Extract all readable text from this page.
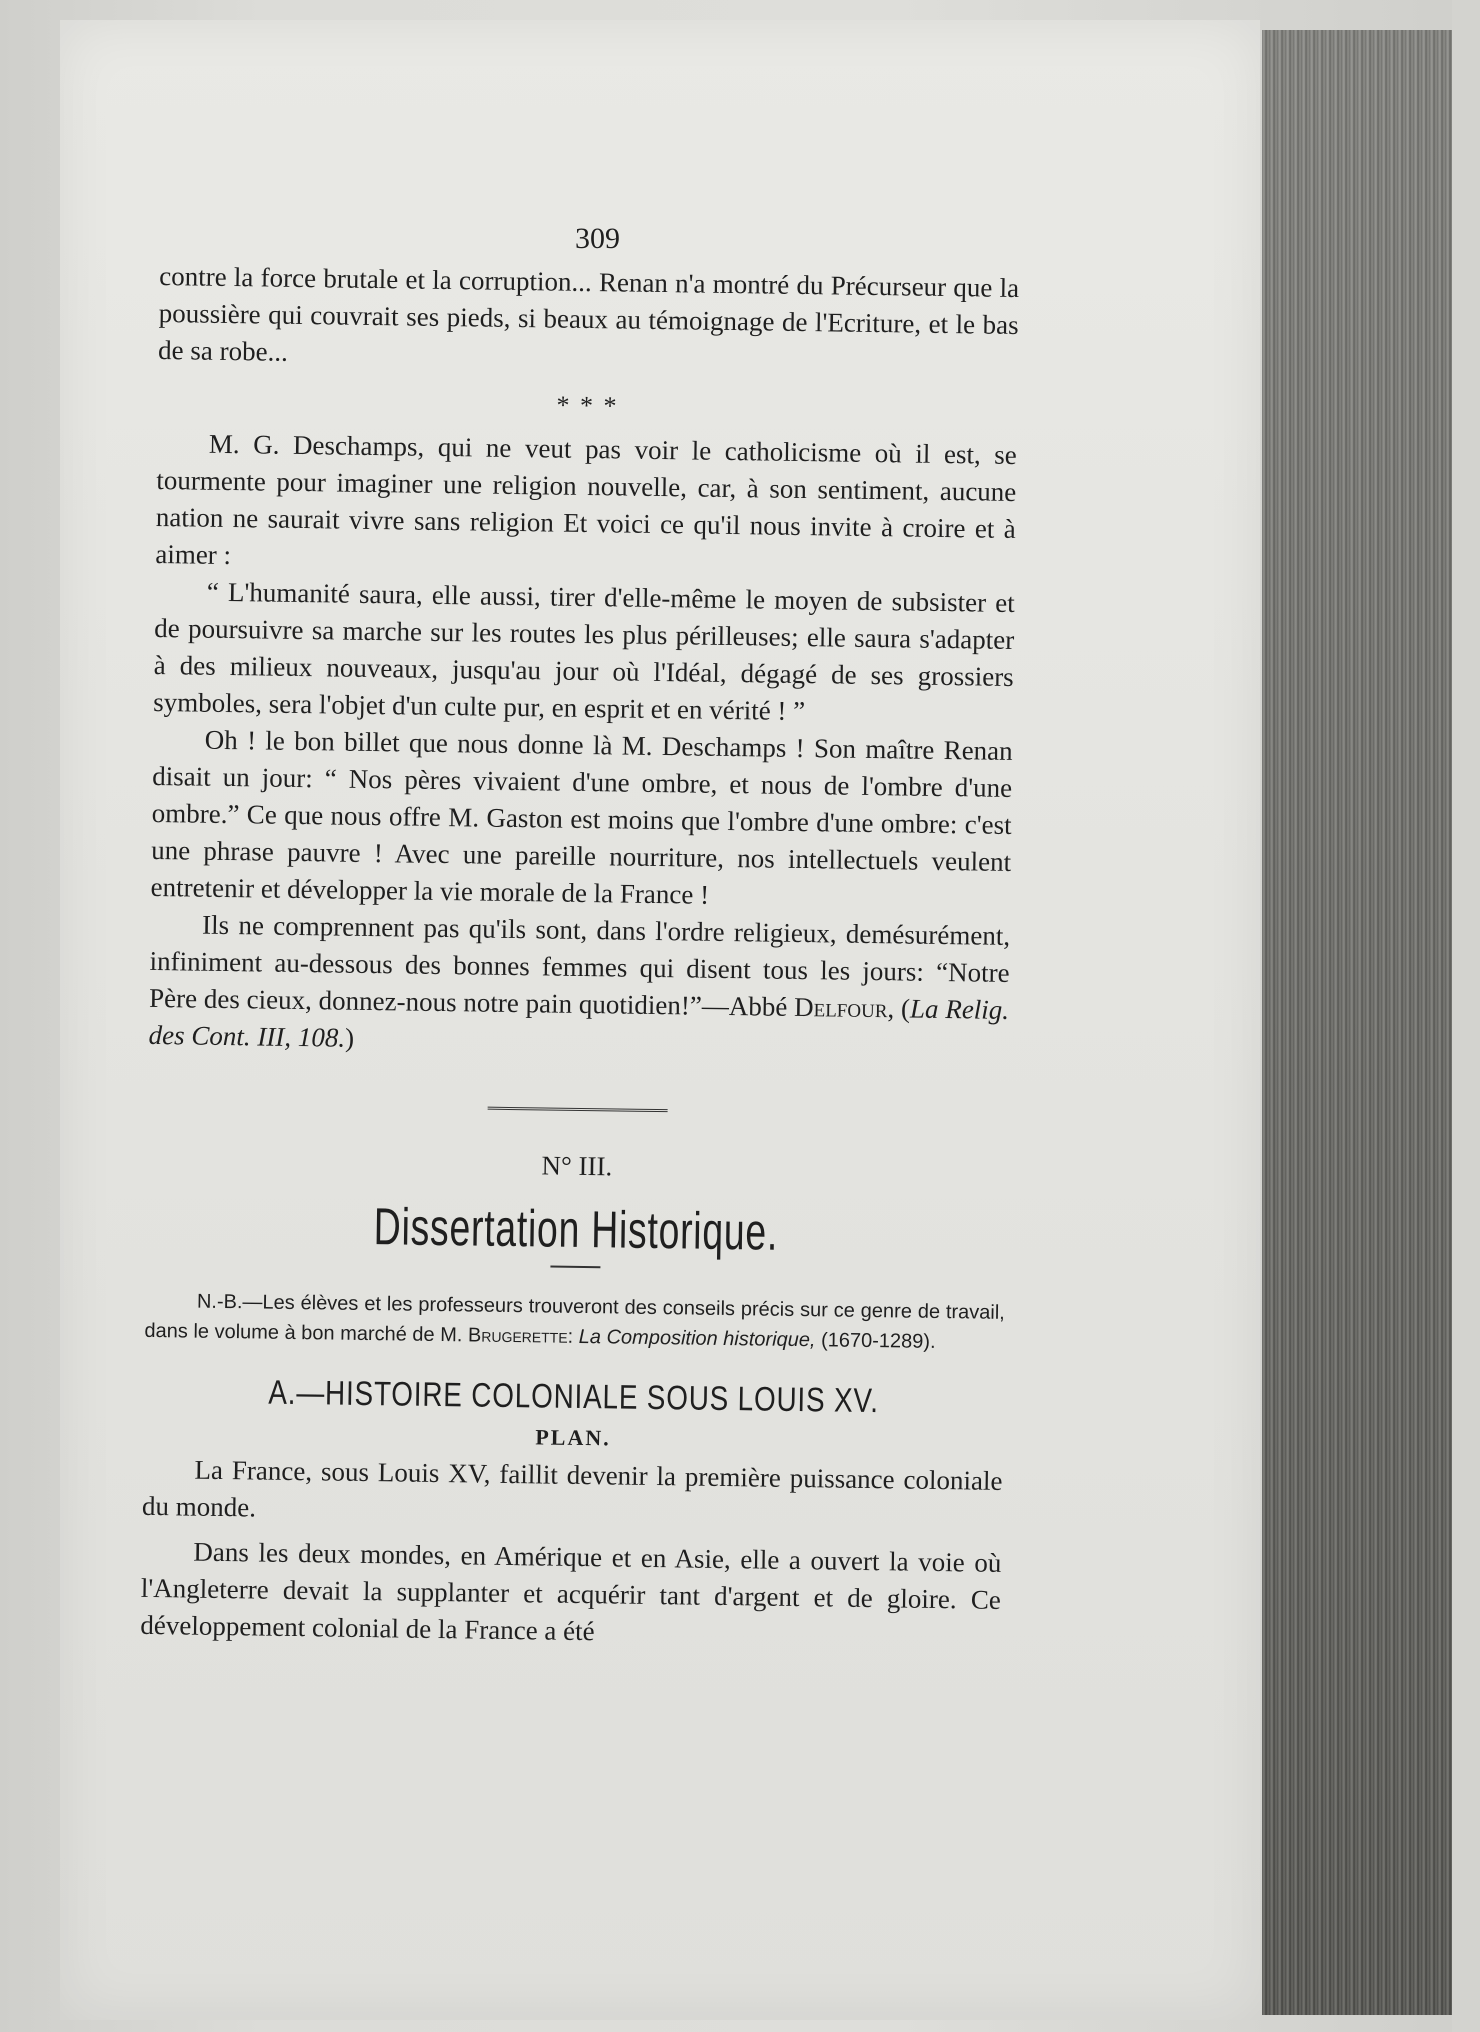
309

contre la force brutale et la corruption... Renan n'a montré du Précurseur que la poussière qui couvrait ses pieds, si beaux au témoignage de l'Ecriture, et le bas de sa robe...

* * *

M. G. Deschamps, qui ne veut pas voir le catholicisme où il est, se tourmente pour imaginer une religion nouvelle, car, à son sentiment, aucune nation ne saurait vivre sans religion Et voici ce qu'il nous invite à croire et à aimer :

“ L'humanité saura, elle aussi, tirer d'elle-même le moyen de subsister et de poursuivre sa marche sur les routes les plus périlleuses; elle saura s'adapter à des milieux nouveaux, jusqu'au jour où l'Idéal, dégagé de ses grossiers symboles, sera l'objet d'un culte pur, en esprit et en vérité ! ”

Oh ! le bon billet que nous donne là M. Deschamps ! Son maître Renan disait un jour: “ Nos pères vivaient d'une ombre, et nous de l'ombre d'une ombre.” Ce que nous offre M. Gaston est moins que l'ombre d'une ombre: c'est une phrase pauvre ! Avec une pareille nourriture, nos intellectuels veulent entretenir et développer la vie morale de la France !

Ils ne comprennent pas qu'ils sont, dans l'ordre religieux, demésurément, infiniment au-dessous des bonnes femmes qui disent tous les jours: “Notre Père des cieux, donnez-nous notre pain quotidien!”—Abbé Delfour, (La Relig. des Cont. III, 108.)

N° III.
Dissertation Historique.

N.-B.—Les élèves et les professeurs trouveront des conseils précis sur ce genre de travail, dans le volume à bon marché de M. Brugerette: La Composition historique, (1670-1289).

A.—HISTOIRE COLONIALE SOUS LOUIS XV.
PLAN.

La France, sous Louis XV, faillit devenir la première puissance coloniale du monde.

Dans les deux mondes, en Amérique et en Asie, elle a ouvert la voie où l'Angleterre devait la supplanter et acquérir tant d'argent et de gloire. Ce développement colonial de la France a été
